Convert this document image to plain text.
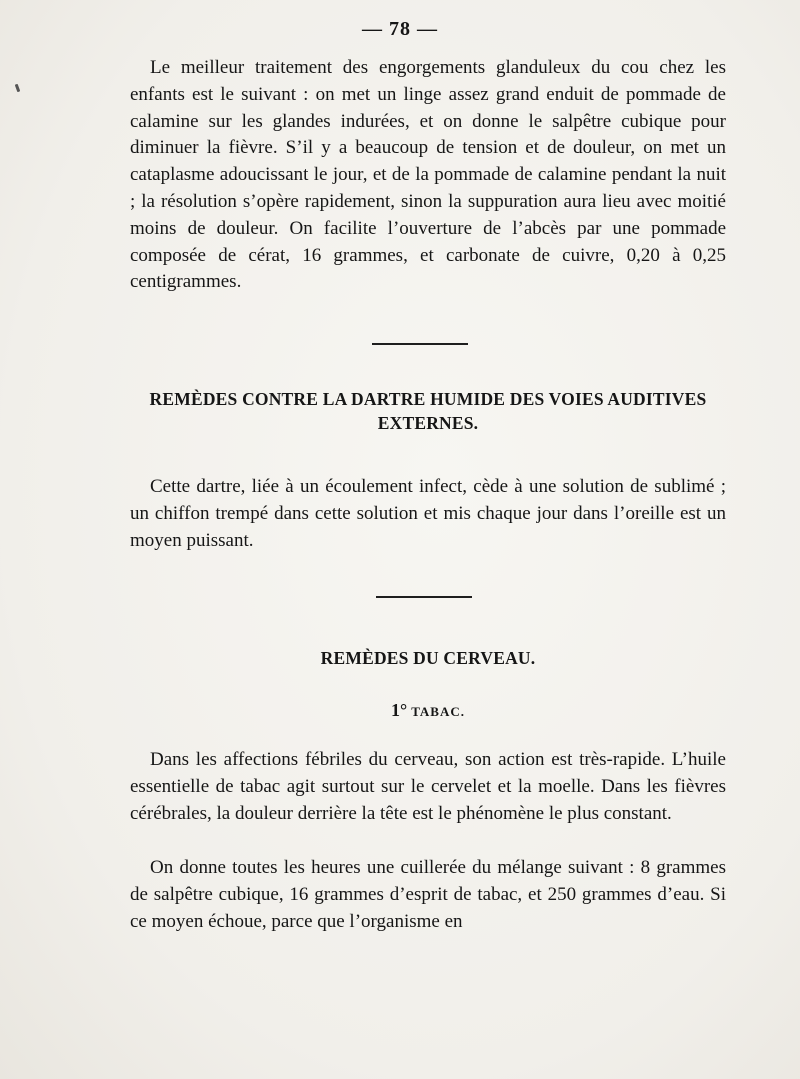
— 78 —

Le meilleur traitement des engorgements glanduleux du cou chez les enfants est le suivant : on met un linge assez grand enduit de pommade de calamine sur les glandes indurées, et on donne le salpêtre cubique pour diminuer la fièvre. S’il y a beaucoup de tension et de douleur, on met un cataplasme adoucissant le jour, et de la pommade de calamine pendant la nuit ; la résolution s’opère rapidement, sinon la suppuration aura lieu avec moitié moins de douleur. On facilite l’ouverture de l’abcès par une pommade composée de cérat, 16 grammes, et carbonate de cuivre, 0,20 à 0,25 centigrammes.

REMÈDES CONTRE LA DARTRE HUMIDE DES VOIES AUDITIVES EXTERNES.

Cette dartre, liée à un écoulement infect, cède à une solution de sublimé ; un chiffon trempé dans cette solution et mis chaque jour dans l’oreille est un moyen puissant.

REMÈDES DU CERVEAU.
1° TABAC.

Dans les affections fébriles du cerveau, son action est très-rapide. L’huile essentielle de tabac agit surtout sur le cervelet et la moelle. Dans les fièvres cérébrales, la douleur derrière la tête est le phénomène le plus constant.

On donne toutes les heures une cuillerée du mélange suivant : 8 grammes de salpêtre cubique, 16 grammes d’esprit de tabac, et 250 grammes d’eau. Si ce moyen échoue, parce que l’organisme en
